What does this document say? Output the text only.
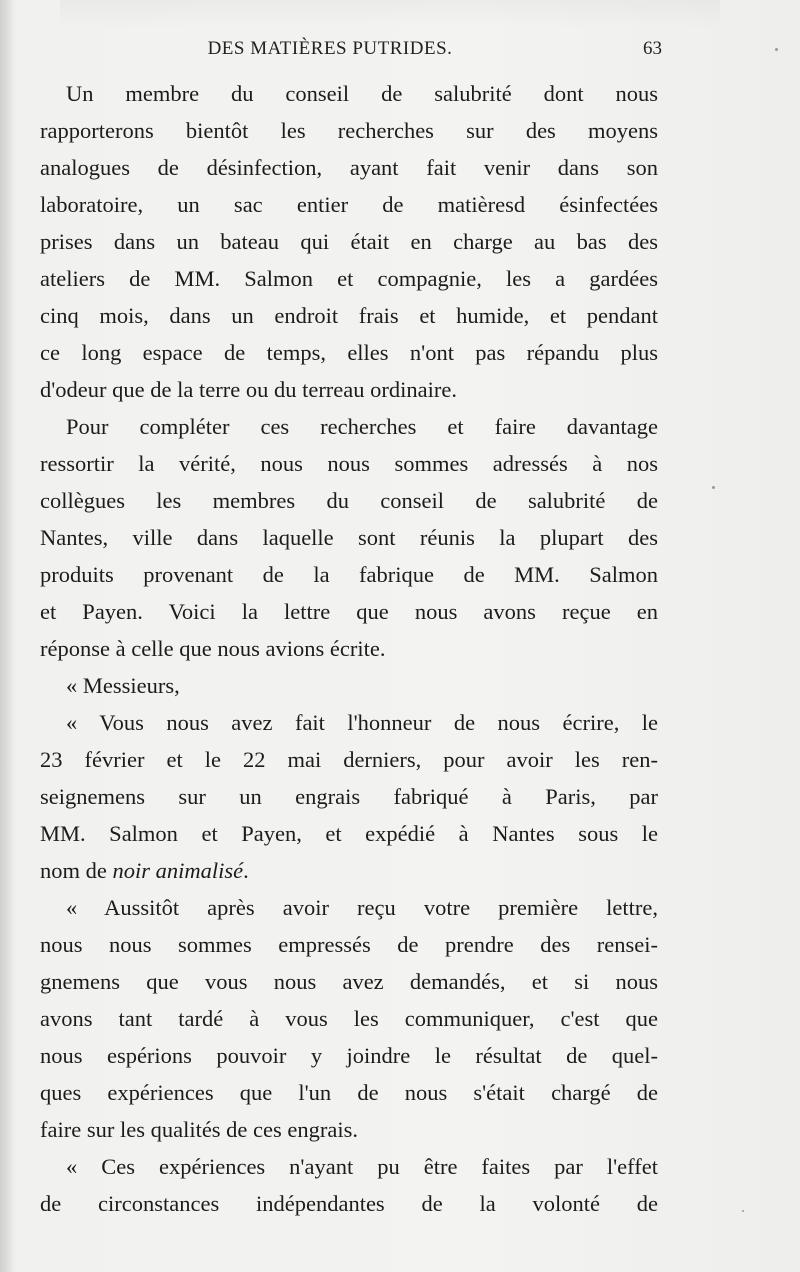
DES MATIÈRES PUTRIDES.	63
Un membre du conseil de salubrité dont nous
rapporterons bientôt les recherches sur des moyens
analogues de désinfection, ayant fait venir dans son
laboratoire, un sac entier de matièresd ésinfectées
prises dans un bateau qui était en charge au bas des
ateliers de MM. Salmon et compagnie, les a gardées
cinq mois, dans un endroit frais et humide, et pendant
ce long espace de temps, elles n'ont pas répandu plus
d'odeur que de la terre ou du terreau ordinaire.
Pour compléter ces recherches et faire davantage
ressortir la vérité, nous nous sommes adressés à nos
collègues les membres du conseil de salubrité de
Nantes, ville dans laquelle sont réunis la plupart des
produits provenant de la fabrique de MM. Salmon
et Payen. Voici la lettre que nous avons reçue en
réponse à celle que nous avions écrite.
« Messieurs,
« Vous nous avez fait l'honneur de nous écrire, le
23 février et le 22 mai derniers, pour avoir les ren-
seignemens sur un engrais fabriqué à Paris, par
MM. Salmon et Payen, et expédié à Nantes sous le
nom de noir animalisé.
« Aussitôt après avoir reçu votre première lettre,
nous nous sommes empressés de prendre des rensei-
gnemens que vous nous avez demandés, et si nous
avons tant tardé à vous les communiquer, c'est que
nous espérions pouvoir y joindre le résultat de quel-
ques expériences que l'un de nous s'était chargé de
faire sur les qualités de ces engrais.
« Ces expériences n'ayant pu être faites par l'effet
de circonstances indépendantes de la volonté de
